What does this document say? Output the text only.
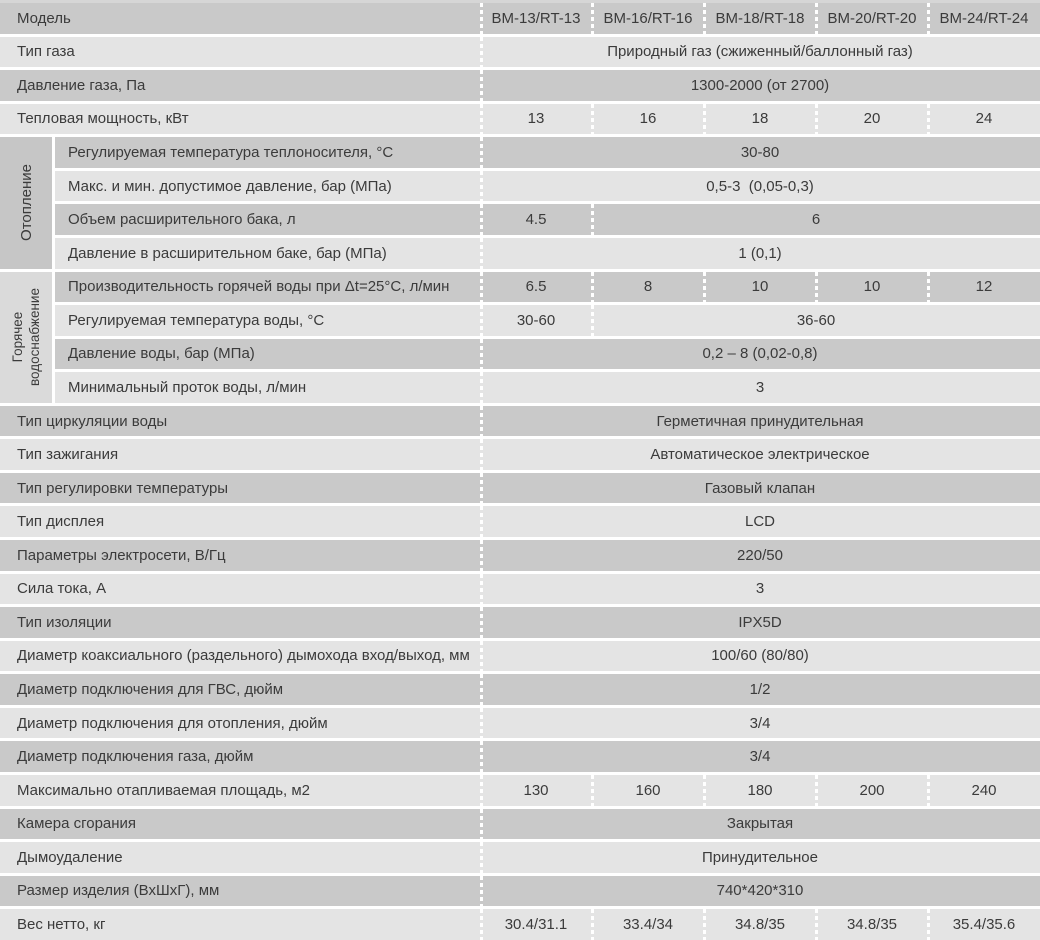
Модель	BM-13/RT-13	BM-16/RT-16	BM-18/RT-18	BM-20/RT-20	BM-24/RT-24
Тип газа	Природный газ (сжиженный/баллонный газ)
Давление газа, Па	1300-2000 (от 2700)
Тепловая мощность, кВт	13	16	18	20	24
Отопление
Регулируемая температура теплоносителя, °С	30-80
Макс. и мин. допустимое давление, бар (МПа)	0,5-3  (0,05-0,3)
Объем расширительного бака, л	4.5	6
Давление в расширительном баке, бар (МПа)	1 (0,1)
Горячее водоснабжение
Производительность горячей воды при Δt=25°C, л/мин	6.5	8	10	10	12
Регулируемая температура воды, °С	30-60	36-60
Давление воды, бар (МПа)	0,2 – 8 (0,02-0,8)
Минимальный проток воды, л/мин	3
Тип циркуляции воды	Герметичная принудительная
Тип зажигания	Автоматическое электрическое
Тип регулировки температуры	Газовый клапан
Тип дисплея	LCD
Параметры электросети, В/Гц	220/50
Сила тока, А	3
Тип изоляции	IPX5D
Диаметр коаксиального (раздельного) дымохода вход/выход, мм	100/60 (80/80)
Диаметр подключения для ГВС, дюйм	1/2
Диаметр подключения для отопления, дюйм	3/4
Диаметр подключения газа, дюйм	3/4
Максимально отапливаемая площадь, м2	130	160	180	200	240
Камера сгорания	Закрытая
Дымоудаление	Принудительное
Размер изделия (ВхШхГ), мм	740*420*310
Вес нетто, кг	30.4/31.1	33.4/34	34.8/35	34.8/35	35.4/35.6
